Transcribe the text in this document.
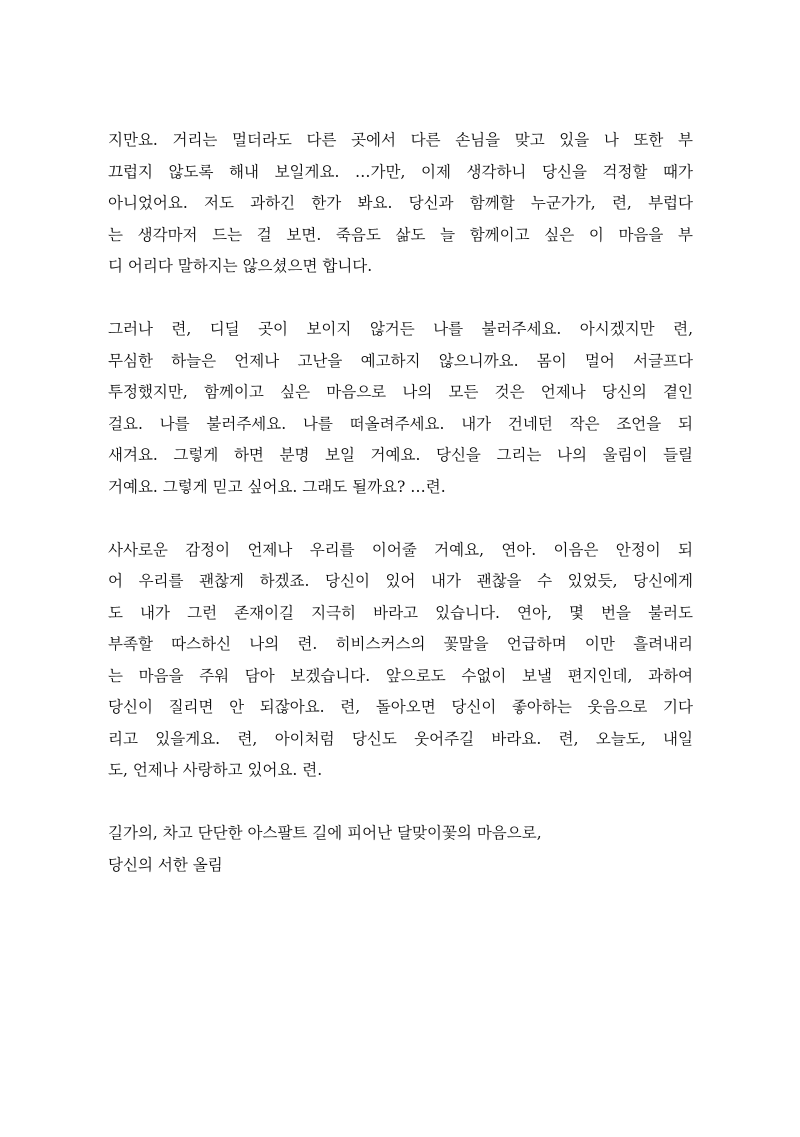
지만요. 거리는 멀더라도 다른 곳에서 다른 손님을 맞고 있을 나 또한 부
끄럽지 않도록 해내 보일게요. …가만, 이제 생각하니 당신을 걱정할 때가
아니었어요. 저도 과하긴 한가 봐요. 당신과 함께할 누군가가, 련, 부럽다
는 생각마저 드는 걸 보면. 죽음도 삶도 늘 함께이고 싶은 이 마음을 부
디 어리다 말하지는 않으셨으면 합니다.
그러나 련, 디딜 곳이 보이지 않거든 나를 불러주세요. 아시겠지만 련,
무심한 하늘은 언제나 고난을 예고하지 않으니까요. 몸이 멀어 서글프다
투정했지만, 함께이고 싶은 마음으로 나의 모든 것은 언제나 당신의 곁인
걸요. 나를 불러주세요. 나를 떠올려주세요. 내가 건네던 작은 조언을 되
새겨요. 그렇게 하면 분명 보일 거예요. 당신을 그리는 나의 울림이 들릴
거예요. 그렇게 믿고 싶어요. 그래도 될까요? …련.
사사로운 감정이 언제나 우리를 이어줄 거예요, 연아. 이음은 안정이 되
어 우리를 괜찮게 하겠죠. 당신이 있어 내가 괜찮을 수 있었듯, 당신에게
도 내가 그런 존재이길 지극히 바라고 있습니다. 연아, 몇 번을 불러도
부족할 따스하신 나의 련. 히비스커스의 꽃말을 언급하며 이만 흘려내리
는 마음을 주워 담아 보겠습니다. 앞으로도 수없이 보낼 편지인데, 과하여
당신이 질리면 안 되잖아요. 련, 돌아오면 당신이 좋아하는 웃음으로 기다
리고 있을게요. 련, 아이처럼 당신도 웃어주길 바라요. 련, 오늘도, 내일
도, 언제나 사랑하고 있어요. 련.
길가의, 차고 단단한 아스팔트 길에 피어난 달맞이꽃의 마음으로,
당신의 서한 올림
